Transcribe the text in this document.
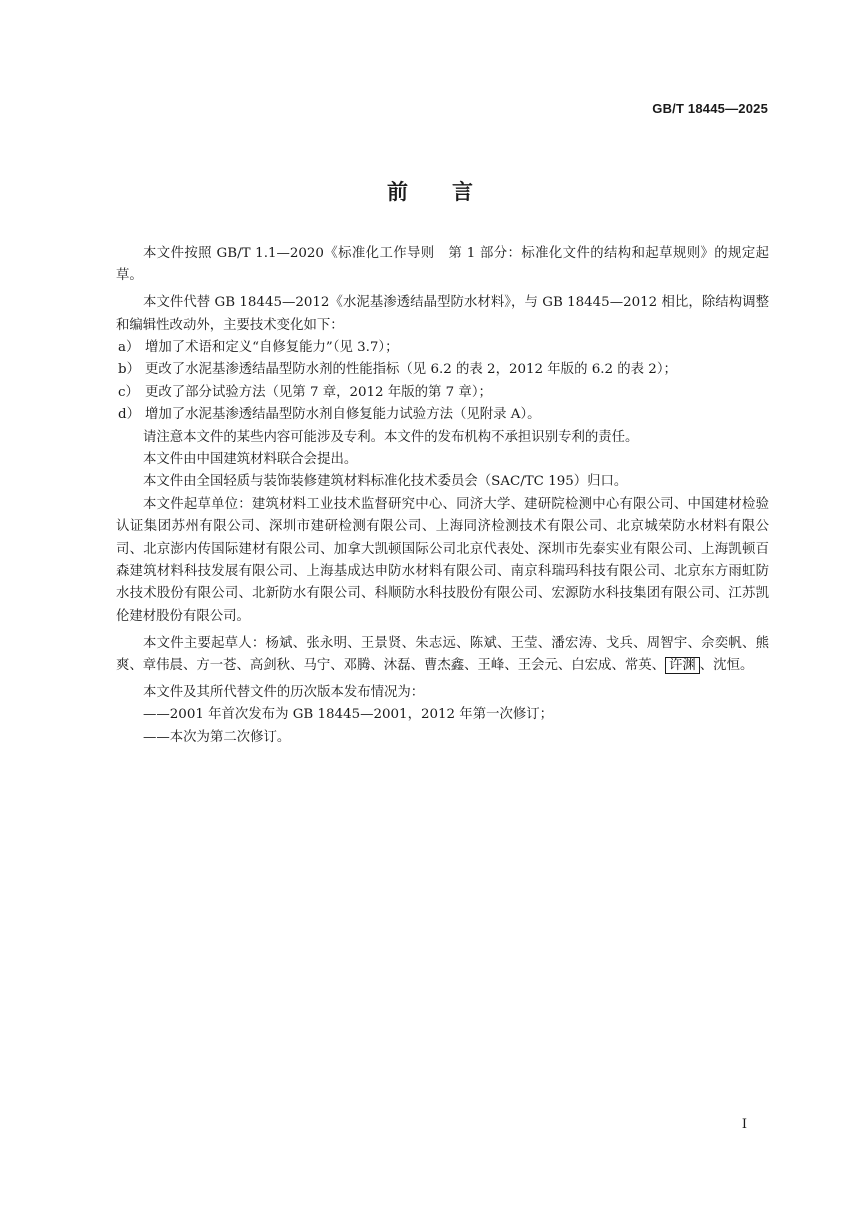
GB/T 18445—2025
前言

本文件按照 GB/T 1.1—2020《标准化工作导则　第 1 部分：标准化文件的结构和起草规则》的规定起草。

本文件代替 GB 18445—2012《水泥基渗透结晶型防水材料》，与 GB 18445—2012 相比，除结构调整和编辑性改动外，主要技术变化如下：

a） 增加了术语和定义“自修复能力”（见 3.7）；
b） 更改了水泥基渗透结晶型防水剂的性能指标（见 6.2 的表 2，2012 年版的 6.2 的表 2）；
c） 更改了部分试验方法（见第 7 章，2012 年版的第 7 章）；
d） 增加了水泥基渗透结晶型防水剂自修复能力试验方法（见附录 A）。

请注意本文件的某些内容可能涉及专利。本文件的发布机构不承担识别专利的责任。

本文件由中国建筑材料联合会提出。

本文件由全国轻质与装饰装修建筑材料标准化技术委员会（SAC/TC 195）归口。

本文件起草单位：建筑材料工业技术监督研究中心、同济大学、建研院检测中心有限公司、中国建材检验认证集团苏州有限公司、深圳市建研检测有限公司、上海同济检测技术有限公司、北京城荣防水材料有限公司、北京澎内传国际建材有限公司、加拿大凯顿国际公司北京代表处、深圳市先泰实业有限公司、上海凯顿百森建筑材料科技发展有限公司、上海基成达申防水材料有限公司、南京科瑞玛科技有限公司、北京东方雨虹防水技术股份有限公司、北新防水有限公司、科顺防水科技股份有限公司、宏源防水科技集团有限公司、江苏凯伦建材股份有限公司。

本文件主要起草人：杨斌、张永明、王景贤、朱志远、陈斌、王莹、潘宏涛、戈兵、周智宇、佘奕帆、熊爽、章伟晨、方一苍、高剑秋、马宁、邓腾、沐磊、曹杰鑫、王峰、王会元、白宏成、常英、 许渊 、沈恒。

本文件及其所代替文件的历次版本发布情况为：

——2001 年首次发布为 GB 18445—2001，2012 年第一次修订；

——本次为第二次修订。

Ⅰ
